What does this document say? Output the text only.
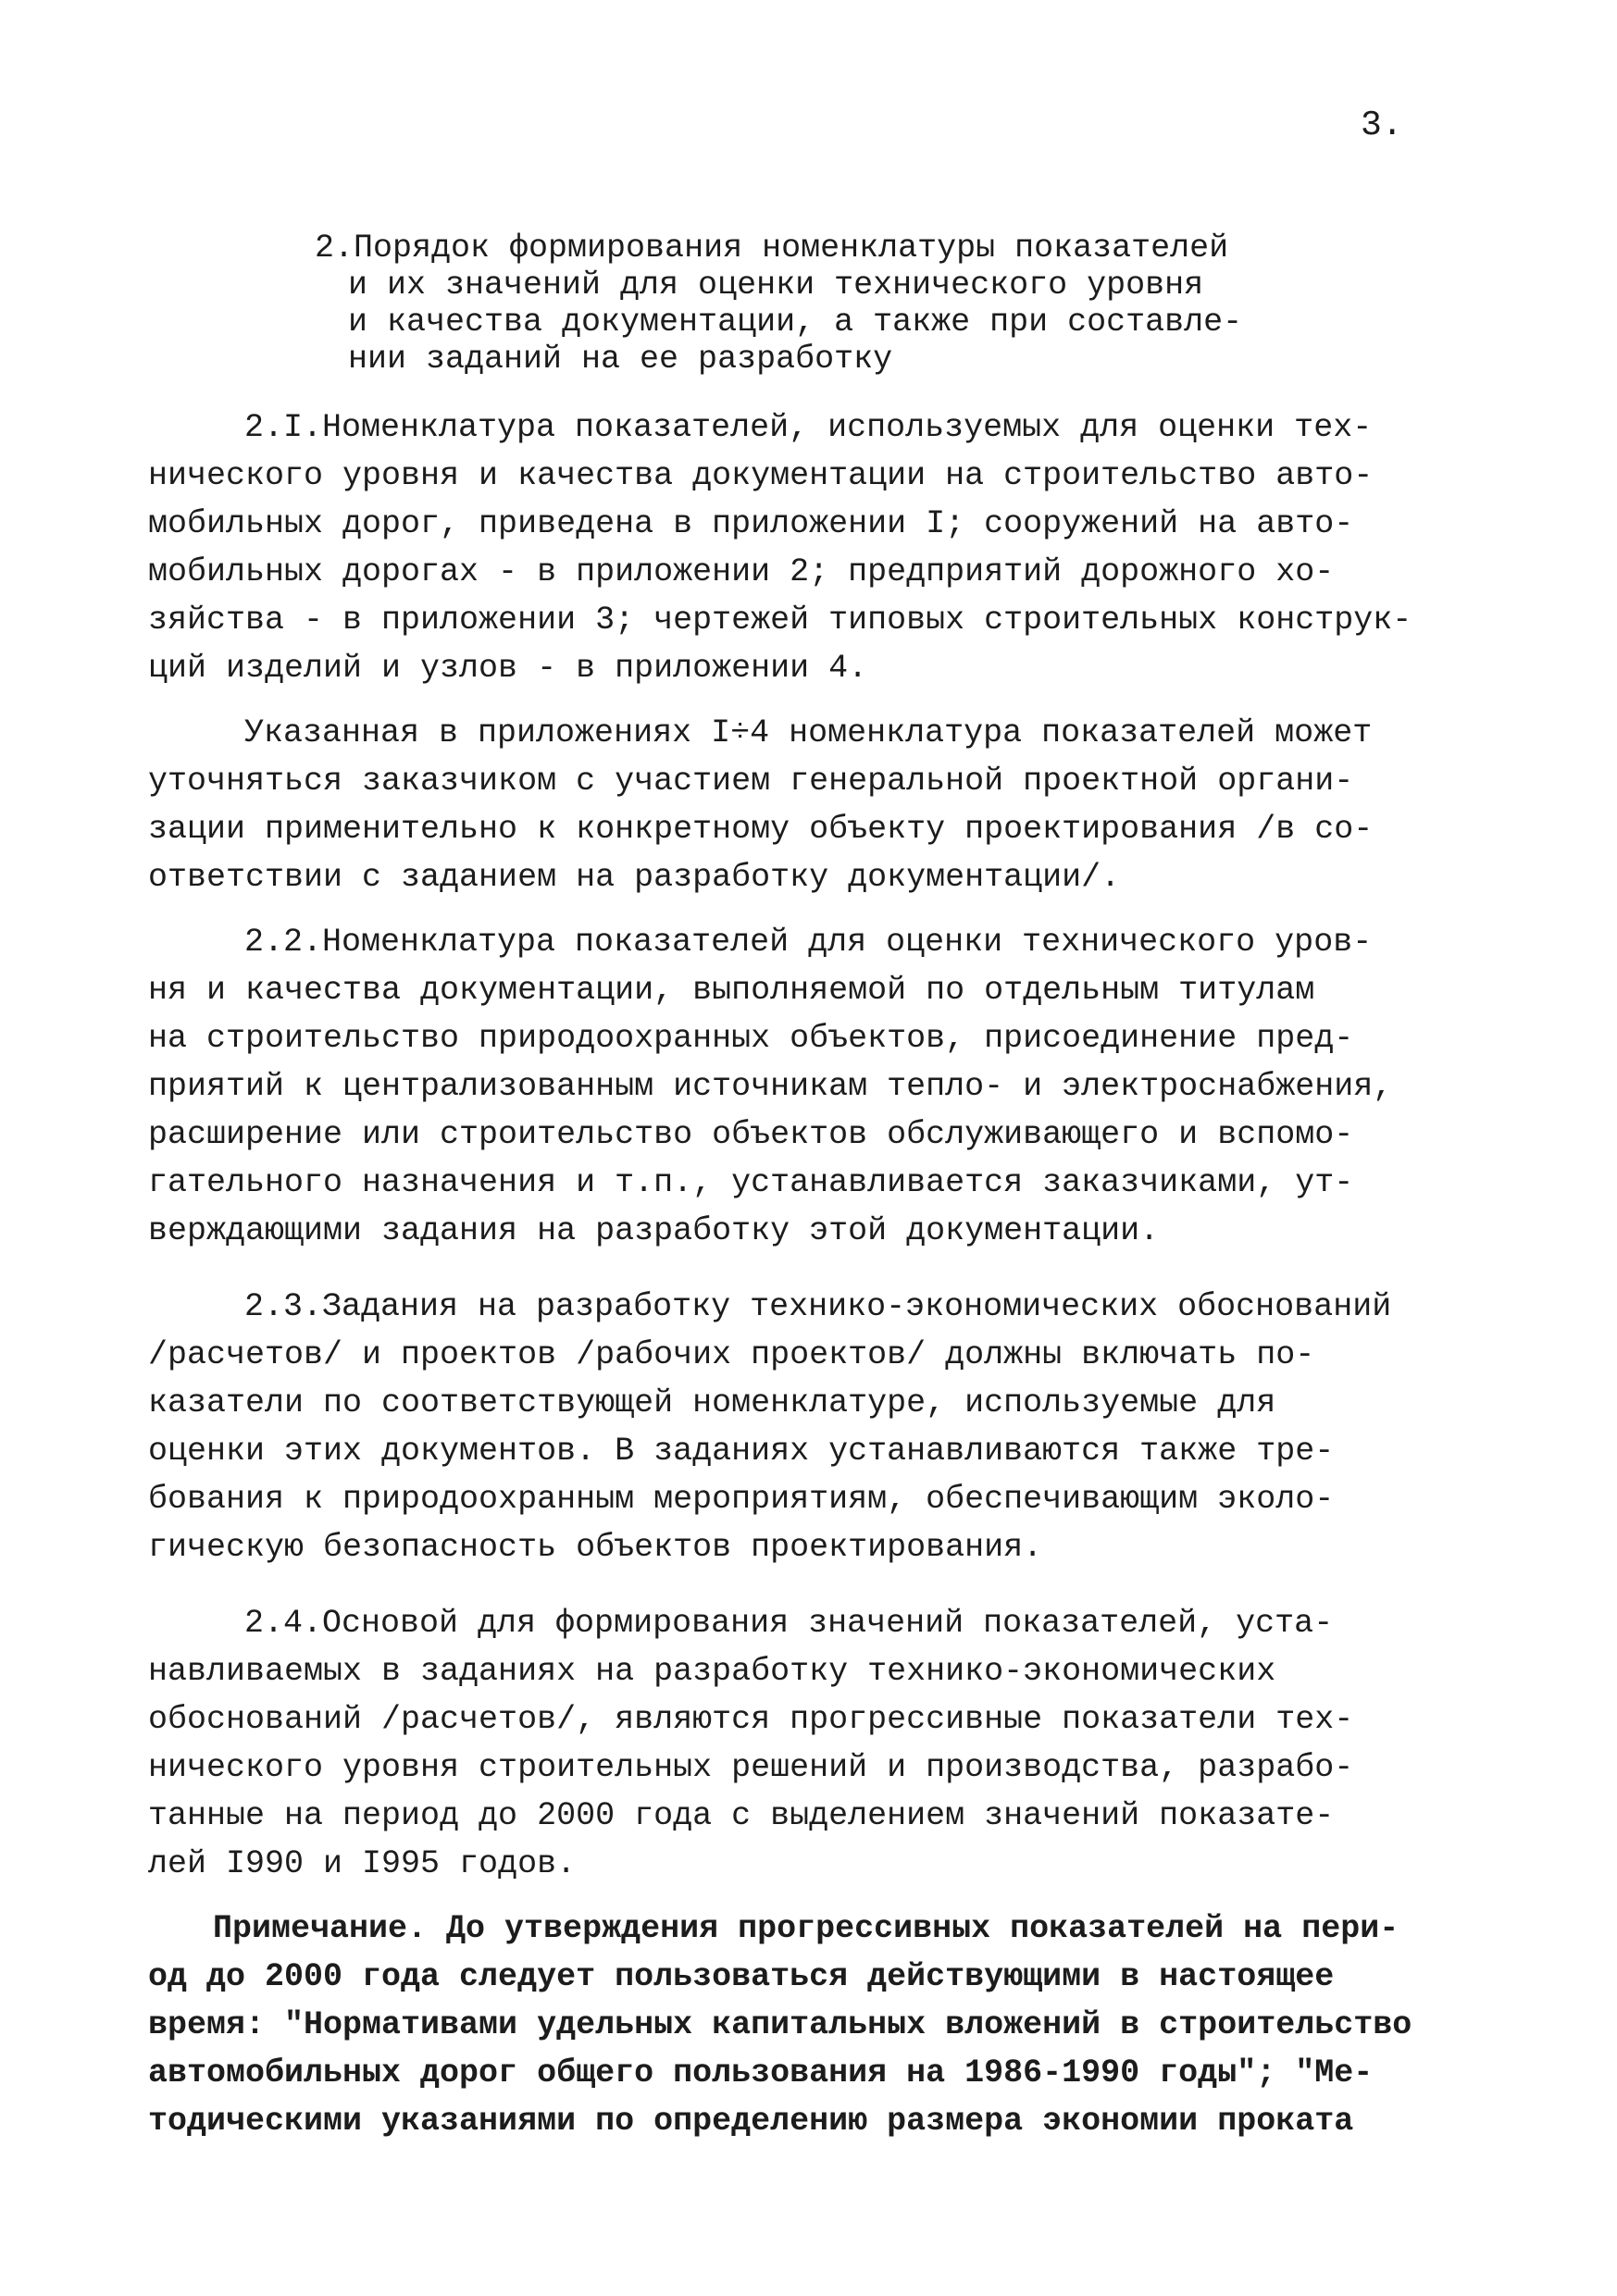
3.
2.Порядок формирования номенклатуры показателей
и их значений для оценки технического уровня
и качества документации, а также при составле-
нии заданий на ее разработку
2.I.Номенклатура показателей, используемых для оценки тех-
нического уровня и качества документации на строительство авто-
мобильных дорог, приведена в приложении I; сооружений на авто-
мобильных дорогах - в приложении 2; предприятий дорожного хо-
зяйства - в приложении 3; чертежей типовых строительных конструк-
ций изделий и узлов - в приложении 4.
Указанная в приложениях I÷4 номенклатура показателей может
уточняться заказчиком с участием генеральной проектной органи-
зации применительно к конкретному объекту проектирования /в со-
ответствии с заданием на разработку документации/.
2.2.Номенклатура показателей для оценки технического уров-
ня и качества документации, выполняемой по отдельным титулам
на строительство природоохранных объектов, присоединение пред-
приятий к централизованным источникам тепло- и электроснабжения,
расширение или строительство объектов обслуживающего и вспомо-
гательного назначения и т.п., устанавливается заказчиками, ут-
верждающими задания на разработку этой документации.
2.3.Задания на разработку технико-экономических обоснований
/расчетов/ и проектов /рабочих проектов/ должны включать по-
казатели по соответствующей номенклатуре, используемые для
оценки этих документов. В заданиях устанавливаются также тре-
бования к природоохранным мероприятиям, обеспечивающим эколо-
гическую безопасность объектов проектирования.
2.4.Основой для формирования значений показателей, уста-
навливаемых в заданиях на разработку технико-экономических
обоснований /расчетов/, являются прогрессивные показатели тех-
нического уровня строительных решений и производства, разрабо-
танные на период до 2000 года с выделением значений показате-
лей I990 и I995 годов.
Примечание. До утверждения прогрессивных показателей на пери-
од до 2000 года следует пользоваться действующими в настоящее
время: "Нормативами удельных капитальных вложений в строительство
автомобильных дорог общего пользования на 1986-1990 годы"; "Ме-
тодическими указаниями по определению размера экономии проката
